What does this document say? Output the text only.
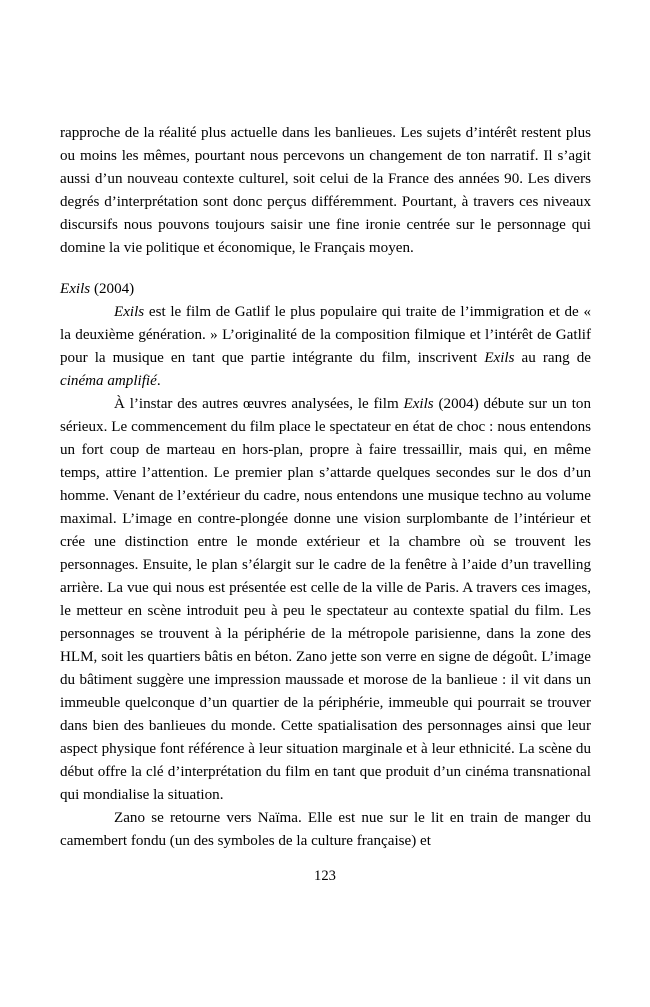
rapproche de la réalité plus actuelle dans les banlieues. Les sujets d’intérêt restent plus ou moins les mêmes, pourtant nous percevons un changement de ton narratif. Il s’agit aussi d’un nouveau contexte culturel, soit celui de la France des années 90. Les divers degrés d’interprétation sont donc perçus différemment. Pourtant, à travers ces niveaux discursifs nous pouvons toujours saisir une fine ironie centrée sur le personnage qui domine la vie politique et économique, le Français moyen.

Exils (2004)

Exils est le film de Gatlif le plus populaire qui traite de l’immigration et de « la deuxième génération. » L’originalité de la composition filmique et l’intérêt de Gatlif pour la musique en tant que partie intégrante du film, inscrivent Exils au rang de cinéma amplifié.

À l’instar des autres œuvres analysées, le film Exils (2004) débute sur un ton sérieux. Le commencement du film place le spectateur en état de choc : nous entendons un fort coup de marteau en hors-plan, propre à faire tressaillir, mais qui, en même temps, attire l’attention. Le premier plan s’attarde quelques secondes sur le dos d’un homme. Venant de l’extérieur du cadre, nous entendons une musique techno au volume maximal. L’image en contre-plongée donne une vision surplombante de l’intérieur et crée une distinction entre le monde extérieur et la chambre où se trouvent les personnages. Ensuite, le plan s’élargit sur le cadre de la fenêtre à l’aide d’un travelling arrière. La vue qui nous est présentée est celle de la ville de Paris. A travers ces images, le metteur en scène introduit peu à peu le spectateur au contexte spatial du film. Les personnages se trouvent à la périphérie de la métropole parisienne, dans la zone des HLM, soit les quartiers bâtis en béton. Zano jette son verre en signe de dégoût. L’image du bâtiment suggère une impression maussade et morose de la banlieue : il vit dans un immeuble quelconque d’un quartier de la périphérie, immeuble qui pourrait se trouver dans bien des banlieues du monde. Cette spatialisation des personnages ainsi que leur aspect physique font référence à leur situation marginale et à leur ethnicité. La scène du début offre la clé d’interprétation du film en tant que produit d’un cinéma transnational qui mondialise la situation.

Zano se retourne vers Naïma. Elle est nue sur le lit en train de manger du camembert fondu (un des symboles de la culture française) et

123
